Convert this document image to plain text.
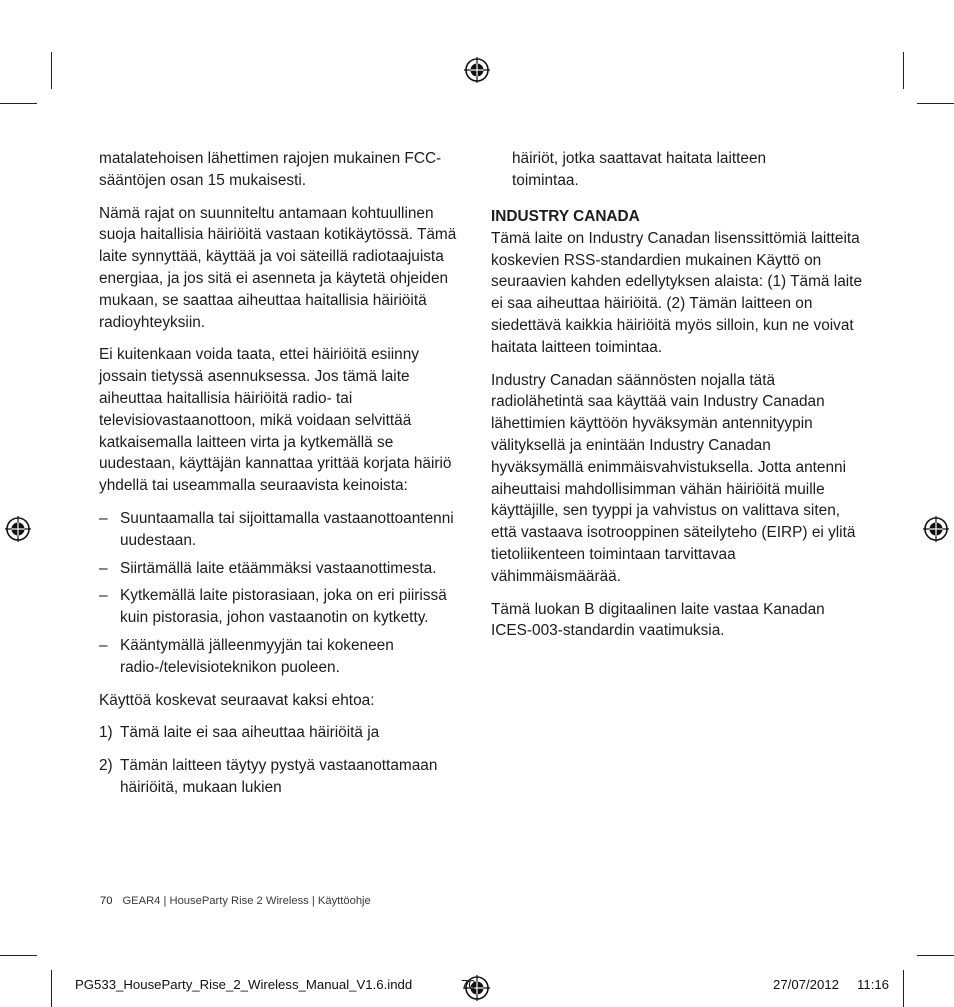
matalatehoisen lähettimen rajojen mukainen FCC-sääntöjen osan 15 mukaisesti.

Nämä rajat on suunniteltu antamaan kohtuullinen suoja haitallisia häiriöitä vastaan kotikäytössä. Tämä laite synnyttää, käyttää ja voi säteillä radiotaajuista energiaa, ja jos sitä ei asenneta ja käytetä ohjeiden mukaan, se saattaa aiheuttaa haitallisia häiriöitä radioyhteyksiin.

Ei kuitenkaan voida taata, ettei häiriöitä esiinny jossain tietyssä asennuksessa. Jos tämä laite aiheuttaa haitallisia häiriöitä radio- tai televisiovastaanottoon, mikä voidaan selvittää katkaisemalla laitteen virta ja kytkemällä se uudestaan, käyttäjän kannattaa yrittää korjata häiriö yhdellä tai useammalla seuraavista keinoista:

– Suuntaamalla tai sijoittamalla vastaanottoantenni uudestaan.
– Siirtämällä laite etäämmäksi vastaanottimesta.
– Kytkemällä laite pistorasiaan, joka on eri piirissä kuin pistorasia, johon vastaanotin on kytketty.
– Kääntymällä jälleenmyyjän tai kokeneen radio-/televisioteknikon puoleen.

Käyttöä koskevat seuraavat kaksi ehtoa:

1) Tämä laite ei saa aiheuttaa häiriöitä ja
2) Tämän laitteen täytyy pystyä vastaanottamaan häiriöitä, mukaan lukien

häiriöt, jotka saattavat haitata laitteen toimintaa.

INDUSTRY CANADA

Tämä laite on Industry Canadan lisenssittömiä laitteita koskevien RSS-standardien mukainen Käyttö on seuraavien kahden edellytyksen alaista: (1) Tämä laite ei saa aiheuttaa häiriöitä. (2) Tämän laitteen on siedettävä kaikkia häiriöitä myös silloin, kun ne voivat haitata laitteen toimintaa.

Industry Canadan säännösten nojalla tätä radiolähetintä saa käyttää vain Industry Canadan lähettimien käyttöön hyväksymän antennityypin välityksellä ja enintään Industry Canadan hyväksymällä enimmäisvahvistuksella. Jotta antenni aiheuttaisi mahdollisimman vähän häiriöitä muille käyttäjille, sen tyyppi ja vahvistus on valittava siten, että vastaava isotrooppinen säteilyteho (EIRP) ei ylitä tietoliikenteen toimintaan tarvittavaa vähimmäismäärää.

Tämä luokan B digitaalinen laite vastaa Kanadan ICES-003-standardin vaatimuksia.

70 GEAR4 | HouseParty Rise 2 Wireless | Käyttöohje
PG533_HouseParty_Rise_2_Wireless_Manual_V1.6.indd	70	27/07/2012 11:16
